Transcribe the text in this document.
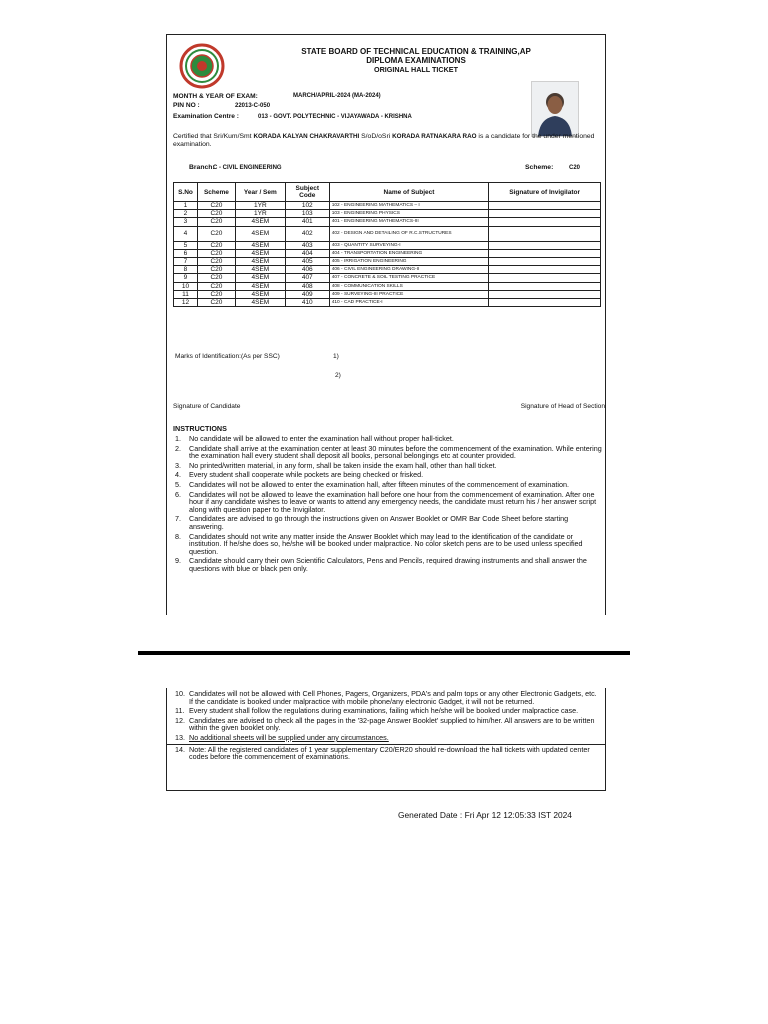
STATE BOARD OF TECHNICAL EDUCATION & TRAINING,AP
DIPLOMA EXAMINATIONS
ORIGINAL HALL TICKET
MONTH & YEAR OF EXAM:	MARCH/APRIL-2024 (MA-2024)
PIN NO :	22013-C-050
Examination Centre :	013 - GOVT. POLYTECHNIC - VIJAYAWADA - KRISHNA
Certified that Sri/Kum/Smt KORADA KALYAN CHAKRAVARTHI S/oD/oSri KORADA RATNAKARA RAO is a candidate for the under mentioned examination.
Branch:
C - CIVIL ENGINEERING	Scheme:	C20
S.No	Scheme	Year / Sem	Subject Code	Name of Subject	Signature of Invigilator
1	C20	1YR	102	102 - ENGINEERING MATHEMATICS – I	
2	C20	1YR	103	103 - ENGINEERING PHYSICS	
3	C20	4SEM	401	401 - ENGINEERING MATHEMATICS-III	
4	C20	4SEM	402	402 - DESIGN AND DETAILING OF R.C.STRUCTURES	
5	C20	4SEM	403	403 - QUANTITY SURVEYING-I	
6	C20	4SEM	404	404 - TRANSPORTATION ENGINEERING	
7	C20	4SEM	405	405 - IRRIGATION ENGINEERING	
8	C20	4SEM	406	406 - CIVIL ENGINEERING DRAWING-II	
9	C20	4SEM	407	407 - CONCRETE & SOIL TESTING PRACTICE	
10	C20	4SEM	408	408 - COMMUNICATION SKILLS	
11	C20	4SEM	409	409 - SURVEYING-III PRACTICE	
12	C20	4SEM	410	410 - CAD PRACTICE-I	
Marks of Identification:(As per SSC)	1)
2)
Signature of Candidate	Signature of Head of Section
INSTRUCTIONS
1. No candidate will be allowed to enter the examination hall without proper hall-ticket.
2. Candidate shall arrive at the examination center at least 30 minutes before the commencement of the examination. While entering the examination hall every student shall deposit all books, personal belongings etc at counter provided.
3. No printed/written material, in any form, shall be taken inside the exam hall, other than hall ticket.
4. Every student shall cooperate while pockets are being checked or frisked.
5. Candidates will not be allowed to enter the examination hall, after fifteen minutes of the commencement of examination.
6. Candidates will not be allowed to leave the examination hall before one hour from the commencement of examination. After one hour if any candidate wishes to leave or wants to attend any emergency needs, the candidate must return his / her answer script along with question paper to the Invigilator.
7. Candidates are advised to go through the instructions given on Answer Booklet or OMR Bar Code Sheet before starting answering.
8. Candidates should not write any matter inside the Answer Booklet which may lead to the identification of the candidate or institution. If he/she does so, he/she will be booked under malpractice. No color sketch pens are to be used unless specified question.
9. Candidate should carry their own Scientific Calculators, Pens and Pencils, required drawing instruments and shall answer the questions with blue or black pen only.
10. Candidates will not be allowed with Cell Phones, Pagers, Organizers, PDA's and palm tops or any other Electronic Gadgets, etc. If the candidate is booked under malpractice with mobile phone/any electronic Gadget, it will not be returned.
11. Every student shall follow the regulations during examinations, failing which he/she will be booked under malpractice case.
12. Candidates are advised to check all the pages in the '32-page Answer Booklet' supplied to him/her. All answers are to be written within the given booklet only.
13. No additional sheets will be supplied under any circumstances.
14. Note: All the registered candidates of 1 year supplementary C20/ER20 should re-download the hall tickets with updated center codes before the commencement of examinations.
Generated Date : Fri Apr 12 12:05:33 IST 2024
